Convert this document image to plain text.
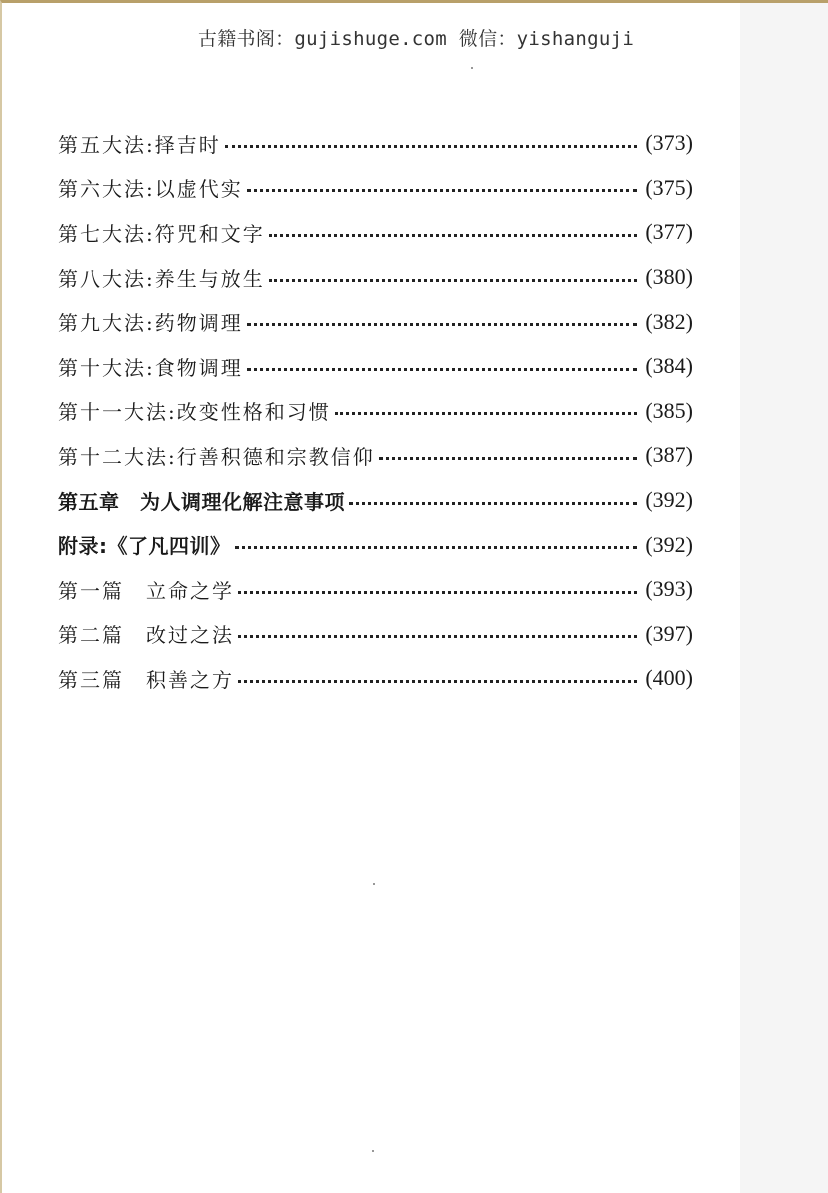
古籍书阁：gujishuge.com 微信：yishanguji
第五大法:择吉时	(373)
第六大法:以虚代实	(375)
第七大法:符咒和文字	(377)
第八大法:养生与放生	(380)
第九大法:药物调理	(382)
第十大法:食物调理	(384)
第十一大法:改变性格和习惯	(385)
第十二大法:行善积德和宗教信仰	(387)
第五章　为人调理化解注意事项	(392)
附录:《了凡四训》	(392)
第一篇　立命之学	(393)
第二篇　改过之法	(397)
第三篇　积善之方	(400)
